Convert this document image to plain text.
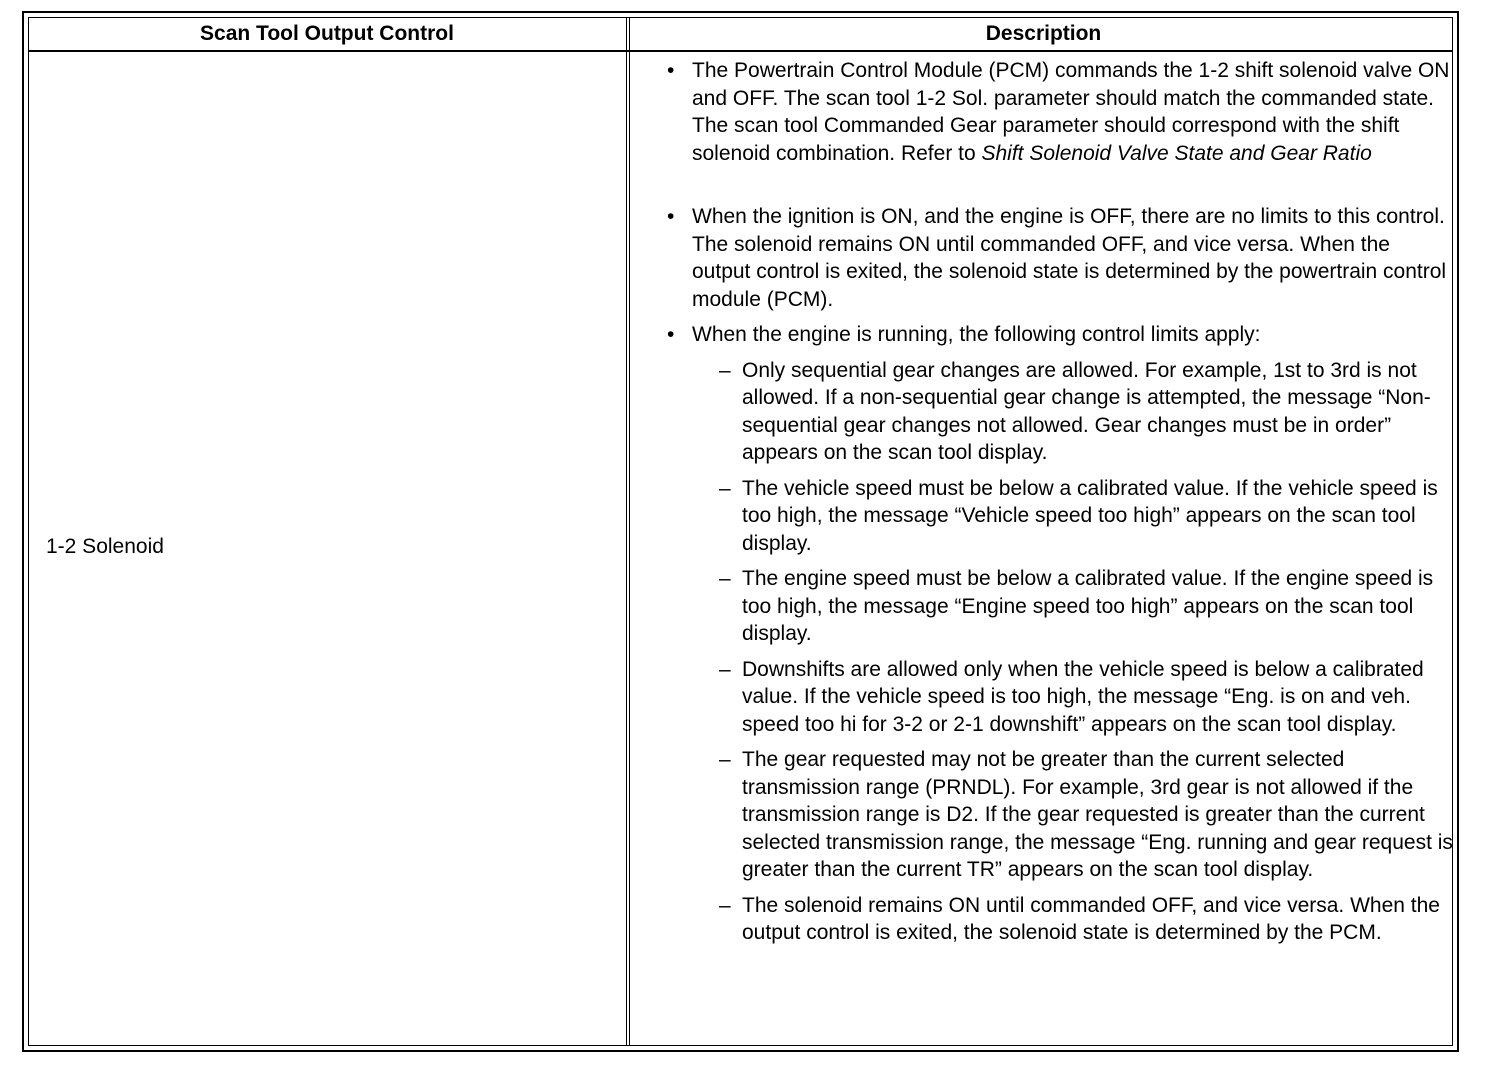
Scan Tool Output Control	Description
1-2 Solenoid
• The Powertrain Control Module (PCM) commands the 1-2 shift solenoid valve ON and OFF. The scan tool 1-2 Sol. parameter should match the commanded state. The scan tool Commanded Gear parameter should correspond with the shift solenoid combination. Refer to Shift Solenoid Valve State and Gear Ratio
• When the ignition is ON, and the engine is OFF, there are no limits to this control. The solenoid remains ON until commanded OFF, and vice versa. When the output control is exited, the solenoid state is determined by the powertrain control module (PCM).
• When the engine is running, the following control limits apply:
– Only sequential gear changes are allowed. For example, 1st to 3rd is not allowed. If a non-sequential gear change is attempted, the message “Non-sequential gear changes not allowed. Gear changes must be in order” appears on the scan tool display.
– The vehicle speed must be below a calibrated value. If the vehicle speed is too high, the message “Vehicle speed too high” appears on the scan tool display.
– The engine speed must be below a calibrated value. If the engine speed is too high, the message “Engine speed too high” appears on the scan tool display.
– Downshifts are allowed only when the vehicle speed is below a calibrated value. If the vehicle speed is too high, the message “Eng. is on and veh. speed too hi for 3-2 or 2-1 downshift” appears on the scan tool display.
– The gear requested may not be greater than the current selected transmission range (PRNDL). For example, 3rd gear is not allowed if the transmission range is D2. If the gear requested is greater than the current selected transmission range, the message “Eng. running and gear request is greater than the current TR” appears on the scan tool display.
– The solenoid remains ON until commanded OFF, and vice versa. When the output control is exited, the solenoid state is determined by the PCM.
